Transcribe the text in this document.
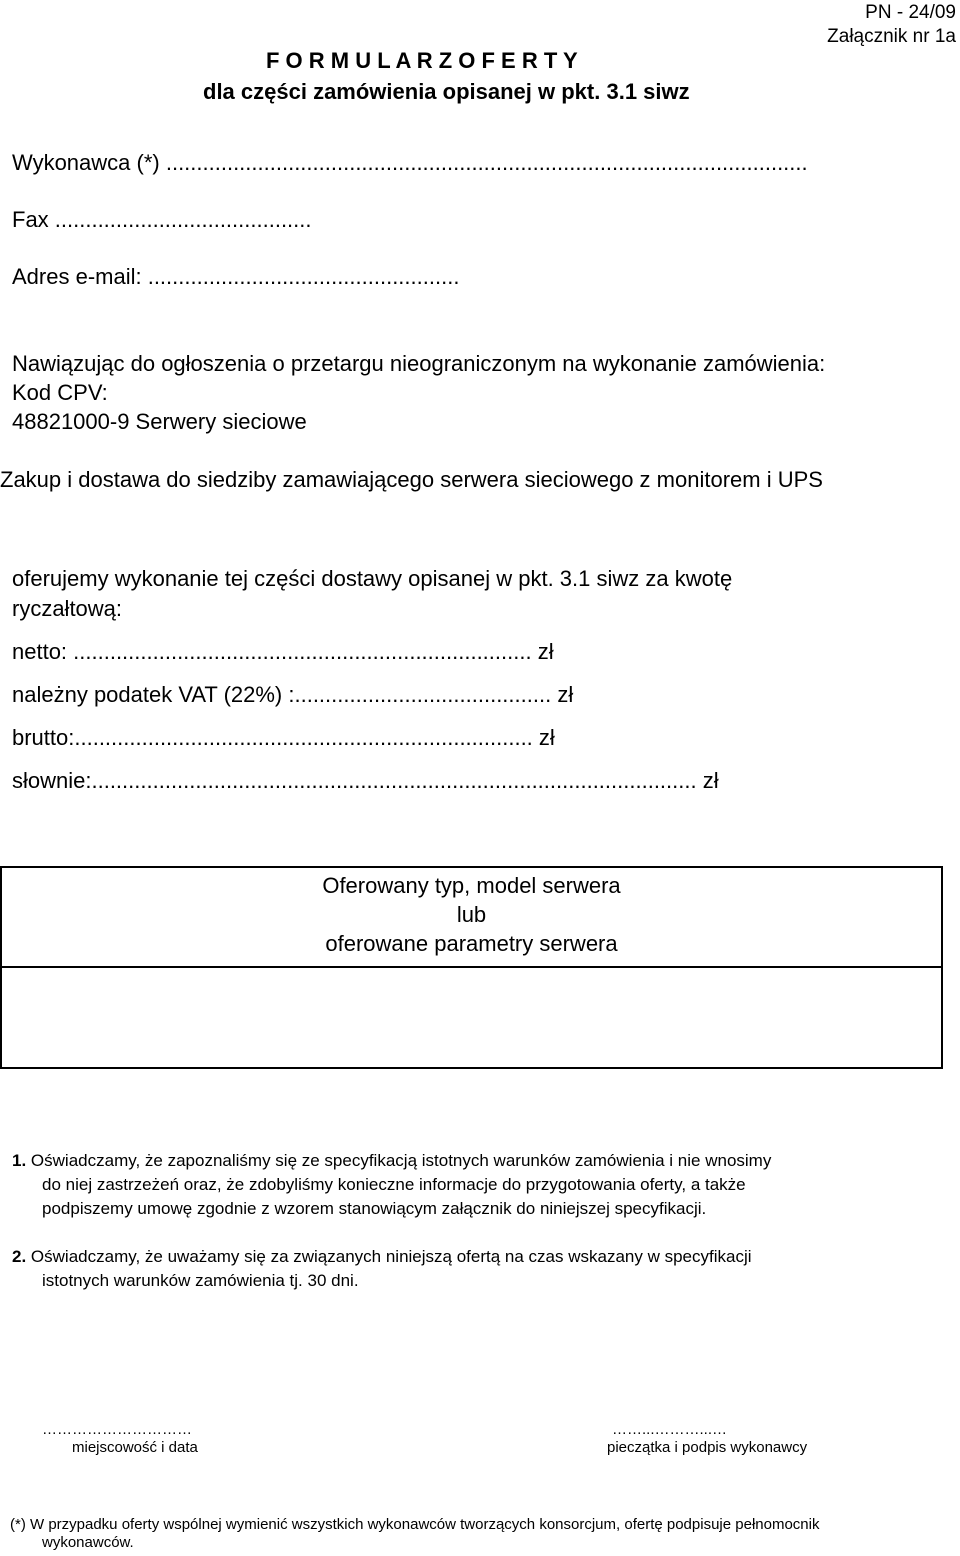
PN - 24/09
Załącznik nr 1a
F O R M U L A R Z O F E R T Y
dla części zamówienia opisanej w pkt. 3.1 siwz
Wykonawca (*) .........................................................................................................
Fax ..........................................
Adres e-mail: ...................................................
Nawiązując do ogłoszenia o przetargu nieograniczonym na wykonanie zamówienia:
Kod CPV:
48821000-9 Serwery sieciowe
Zakup i dostawa do siedziby zamawiającego serwera sieciowego z monitorem i UPS
oferujemy wykonanie tej części dostawy opisanej w pkt. 3.1 siwz za kwotę
ryczałtową:
netto: ........................................................................... zł
należny podatek VAT (22%) :.......................................... zł
brutto:........................................................................... zł
słownie:................................................................................................... zł
Oferowany typ, model serwera
lub
oferowane parametry serwera
1. Oświadczamy, że zapoznaliśmy się ze specyfikacją istotnych warunków zamówienia i nie wnosimy
do niej zastrzeżeń oraz, że zdobyliśmy konieczne informacje do przygotowania oferty, a także
podpiszemy umowę zgodnie z wzorem stanowiącym załącznik do niniejszej specyfikacji.
2. Oświadczamy, że uważamy się za związanych niniejszą ofertą na czas wskazany w specyfikacji
istotnych warunków zamówienia tj. 30 dni.
…………………………
miejscowość i data
……...………...…
pieczątka i podpis wykonawcy
(*) W przypadku oferty wspólnej wymienić wszystkich wykonawców tworzących konsorcjum, ofertę podpisuje pełnomocnik
wykonawców.
